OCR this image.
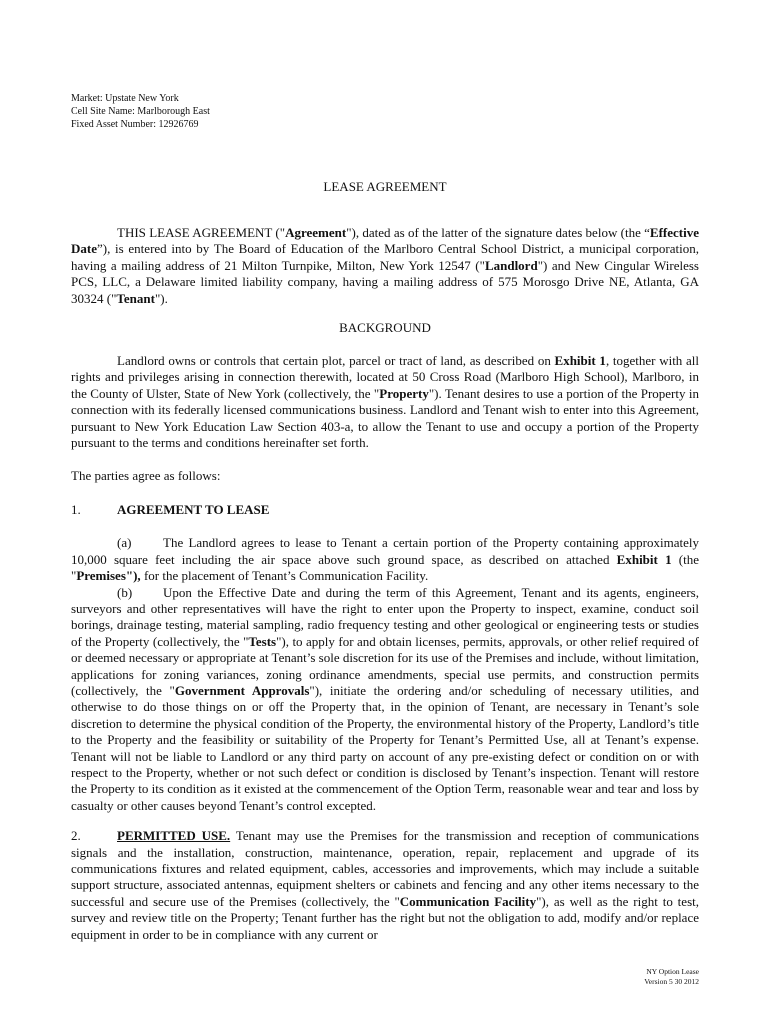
Market: Upstate New York
Cell Site Name: Marlborough East
Fixed Asset Number: 12926769
LEASE AGREEMENT

THIS LEASE AGREEMENT ("Agreement"), dated as of the latter of the signature dates below (the “Effective Date”), is entered into by The Board of Education of the Marlboro Central School District, a municipal corporation, having a mailing address of 21 Milton Turnpike, Milton, New York 12547 ("Landlord") and New Cingular Wireless PCS, LLC, a Delaware limited liability company, having a mailing address of 575 Morosgo Drive NE, Atlanta, GA 30324 ("Tenant").

BACKGROUND

Landlord owns or controls that certain plot, parcel or tract of land, as described on Exhibit 1, together with all rights and privileges arising in connection therewith, located at 50 Cross Road (Marlboro High School), Marlboro, in the County of Ulster, State of New York (collectively, the "Property"). Tenant desires to use a portion of the Property in connection with its federally licensed communications business. Landlord and Tenant wish to enter into this Agreement, pursuant to New York Education Law Section 403-a, to allow the Tenant to use and occupy a portion of the Property pursuant to the terms and conditions hereinafter set forth.

The parties agree as follows:

1.	AGREEMENT TO LEASE

(a) The Landlord agrees to lease to Tenant a certain portion of the Property containing approximately 10,000 square feet including the air space above such ground space, as described on attached Exhibit 1 (the "Premises"), for the placement of Tenant’s Communication Facility.

(b) Upon the Effective Date and during the term of this Agreement, Tenant and its agents, engineers, surveyors and other representatives will have the right to enter upon the Property to inspect, examine, conduct soil borings, drainage testing, material sampling, radio frequency testing and other geological or engineering tests or studies of the Property (collectively, the "Tests"), to apply for and obtain licenses, permits, approvals, or other relief required of or deemed necessary or appropriate at Tenant’s sole discretion for its use of the Premises and include, without limitation, applications for zoning variances, zoning ordinance amendments, special use permits, and construction permits (collectively, the "Government Approvals"), initiate the ordering and/or scheduling of necessary utilities, and otherwise to do those things on or off the Property that, in the opinion of Tenant, are necessary in Tenant’s sole discretion to determine the physical condition of the Property, the environmental history of the Property, Landlord’s title to the Property and the feasibility or suitability of the Property for Tenant’s Permitted Use, all at Tenant’s expense. Tenant will not be liable to Landlord or any third party on account of any pre-existing defect or condition on or with respect to the Property, whether or not such defect or condition is disclosed by Tenant’s inspection. Tenant will restore the Property to its condition as it existed at the commencement of the Option Term, reasonable wear and tear and loss by casualty or other causes beyond Tenant’s control excepted.

2.	PERMITTED USE. Tenant may use the Premises for the transmission and reception of communications signals and the installation, construction, maintenance, operation, repair, replacement and upgrade of its communications fixtures and related equipment, cables, accessories and improvements, which may include a suitable support structure, associated antennas, equipment shelters or cabinets and fencing and any other items necessary to the successful and secure use of the Premises (collectively, the "Communication Facility"), as well as the right to test, survey and review title on the Property; Tenant further has the right but not the obligation to add, modify and/or replace equipment in order to be in compliance with any current or

NY Option Lease
Version 5 30 2012
